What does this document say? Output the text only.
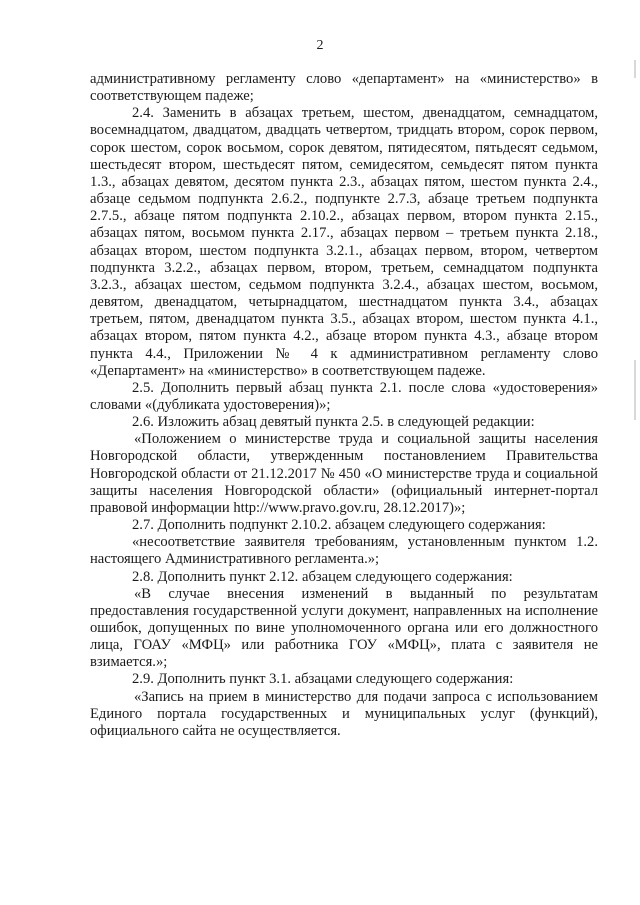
2

административному регламенту слово «департамент» на «министерство» в соответствующем падеже;

2.4. Заменить в абзацах третьем, шестом, двенадцатом, семнадцатом, восемнадцатом, двадцатом, двадцать четвертом, тридцать втором, сорок первом, сорок шестом, сорок восьмом, сорок девятом, пятидесятом, пятьдесят седьмом, шестьдесят втором, шестьдесят пятом, семидесятом, семьдесят пятом пункта 1.3., абзацах девятом, десятом пункта 2.3., абзацах пятом, шестом пункта 2.4., абзаце седьмом подпункта 2.6.2., подпункте 2.7.3, абзаце третьем подпункта 2.7.5., абзаце пятом подпункта 2.10.2., абзацах первом, втором пункта 2.15., абзацах пятом, восьмом пункта 2.17., абзацах первом – третьем пункта 2.18., абзацах втором, шестом подпункта 3.2.1., абзацах первом, втором, четвертом подпункта 3.2.2., абзацах первом, втором, третьем, семнадцатом подпункта 3.2.3., абзацах шестом, седьмом подпункта 3.2.4., абзацах шестом, восьмом, девятом, двенадцатом, четырнадцатом, шестнадцатом пункта 3.4., абзацах третьем, пятом, двенадцатом пункта 3.5., абзацах втором, шестом пункта 4.1., абзацах втором, пятом пункта 4.2., абзаце втором пункта 4.3., абзаце втором пункта 4.4., Приложении № 4 к административном регламенту слово «Департамент» на «министерство» в соответствующем падеже.

2.5. Дополнить первый абзац пункта 2.1. после слова «удостоверения» словами «(дубликата удостоверения)»;

2.6. Изложить абзац девятый пункта 2.5. в следующей редакции:

«Положением о министерстве труда и социальной защиты населения Новгородской области, утвержденным постановлением Правительства Новгородской области от 21.12.2017 № 450 «О министерстве труда и социальной защиты населения Новгородской области» (официальный интернет-портал правовой информации http://www.pravo.gov.ru, 28.12.2017)»;

2.7. Дополнить подпункт 2.10.2. абзацем следующего содержания:

«несоответствие заявителя требованиям, установленным пунктом 1.2. настоящего Административного регламента.»;

2.8. Дополнить пункт 2.12. абзацем следующего содержания:

«В случае внесения изменений в выданный по результатам предоставления государственной услуги документ, направленных на исполнение ошибок, допущенных по вине уполномоченного органа или его должностного лица, ГОАУ «МФЦ» или работника ГОУ «МФЦ», плата с заявителя не взимается.»;

2.9. Дополнить пункт 3.1. абзацами следующего содержания:

«Запись на прием в министерство для подачи запроса с использованием Единого портала государственных и муниципальных услуг (функций), официального сайта не осуществляется.
